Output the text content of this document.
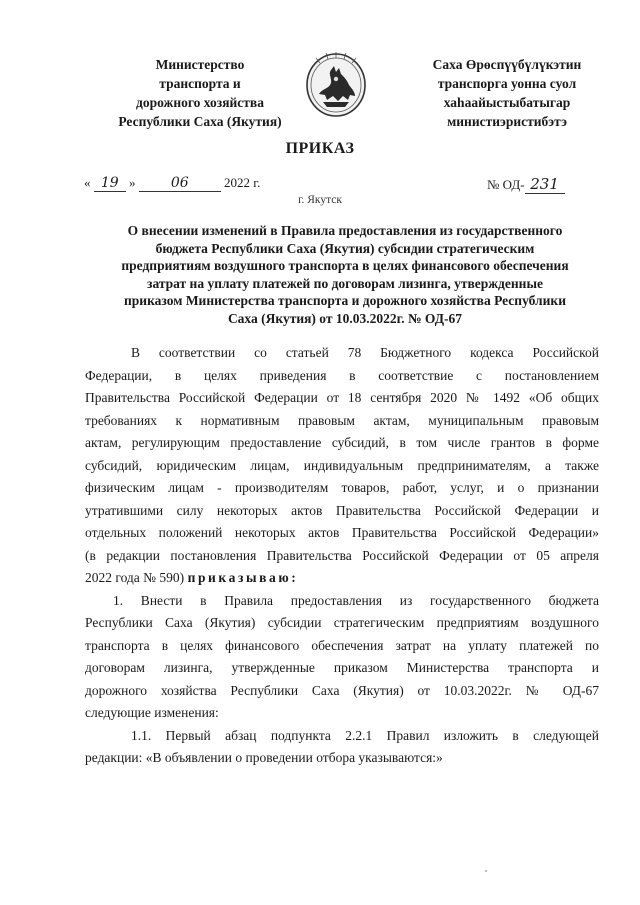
Министерство
транспорта и
дорожного хозяйства
Республики Саха (Якутия)
Саха Өрөспүүбүлүкэтин
транспорга уонна суол
хаһаайыстыбатыгар
министиэристибэтэ
ПРИКАЗ
« 19 »	06	2022 г.
г. Якутск
№ ОД- 231
О внесении изменений в Правила предоставления из государственного
бюджета Республики Саха (Якутия) субсидии стратегическим
предприятиям воздушного транспорта в целях финансового обеспечения
затрат на уплату платежей по договорам лизинга, утвержденные
приказом Министерства транспорта и дорожного хозяйства Республики
Саха (Якутия) от 10.03.2022г. № ОД-67
В соответствии со статьей 78 Бюджетного кодекса Российской
Федерации, в целях приведения в соответствие с постановлением
Правительства Российской Федерации от 18 сентября 2020 № 1492 «Об общих
требованиях к нормативным правовым актам, муниципальным правовым
актам, регулирующим предоставление субсидий, в том числе грантов в форме
субсидий, юридическим лицам, индивидуальным предпринимателям, а также
физическим лицам - производителям товаров, работ, услуг, и о признании
утратившими силу некоторых актов Правительства Российской Федерации и
отдельных положений некоторых актов Правительства Российской Федерации»
(в редакции постановления Правительства Российской Федерации от 05 апреля
2022 года № 590) приказываю:
1. Внести в Правила предоставления из государственного бюджета
Республики Саха (Якутия) субсидии стратегическим предприятиям воздушного
транспорта в целях финансового обеспечения затрат на уплату платежей по
договорам лизинга, утвержденные приказом Министерства транспорта и
дорожного хозяйства Республики Саха (Якутия) от 10.03.2022г. № ОД-67
следующие изменения:
1.1. Первый абзац подпункта 2.2.1 Правил изложить в следующей
редакции: «В объявлении о проведении отбора указываются:»
